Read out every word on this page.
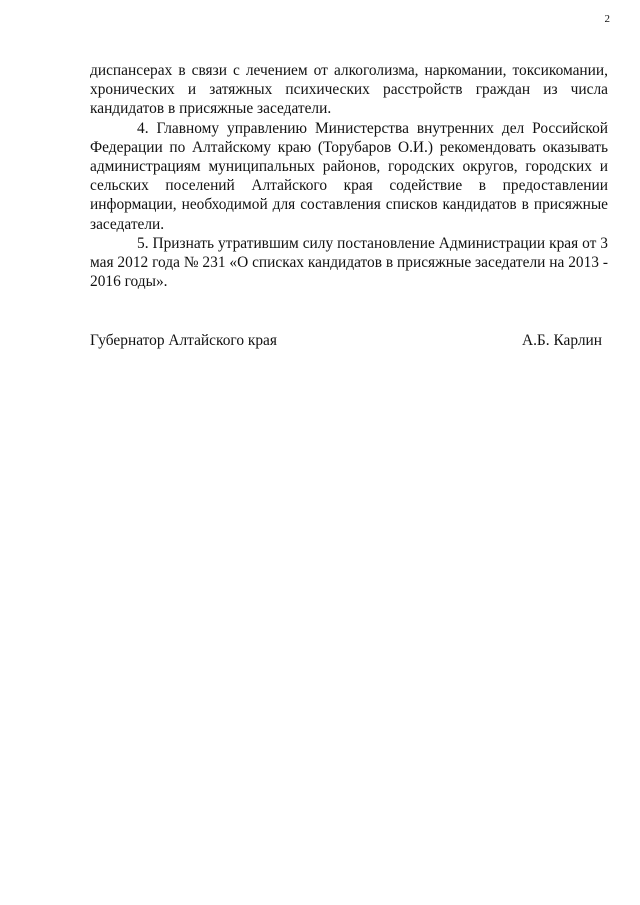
2

диспансерах в связи с лечением от алкоголизма, наркомании, токсикомании, хронических и затяжных психических расстройств граждан из числа кандидатов в присяжные заседатели.

4. Главному управлению Министерства внутренних дел Российской Федерации по Алтайскому краю (Торубаров О.И.) рекомендовать оказывать администрациям муниципальных районов, городских округов, городских и сельских поселений Алтайского края содействие в предоставлении информации, необходимой для составления списков кандидатов в присяжные заседатели.

5. Признать утратившим силу постановление Администрации края от 3 мая 2012 года № 231 «О списках кандидатов в присяжные заседатели на 2013 - 2016 годы».

Губернатор Алтайского края	А.Б. Карлин
